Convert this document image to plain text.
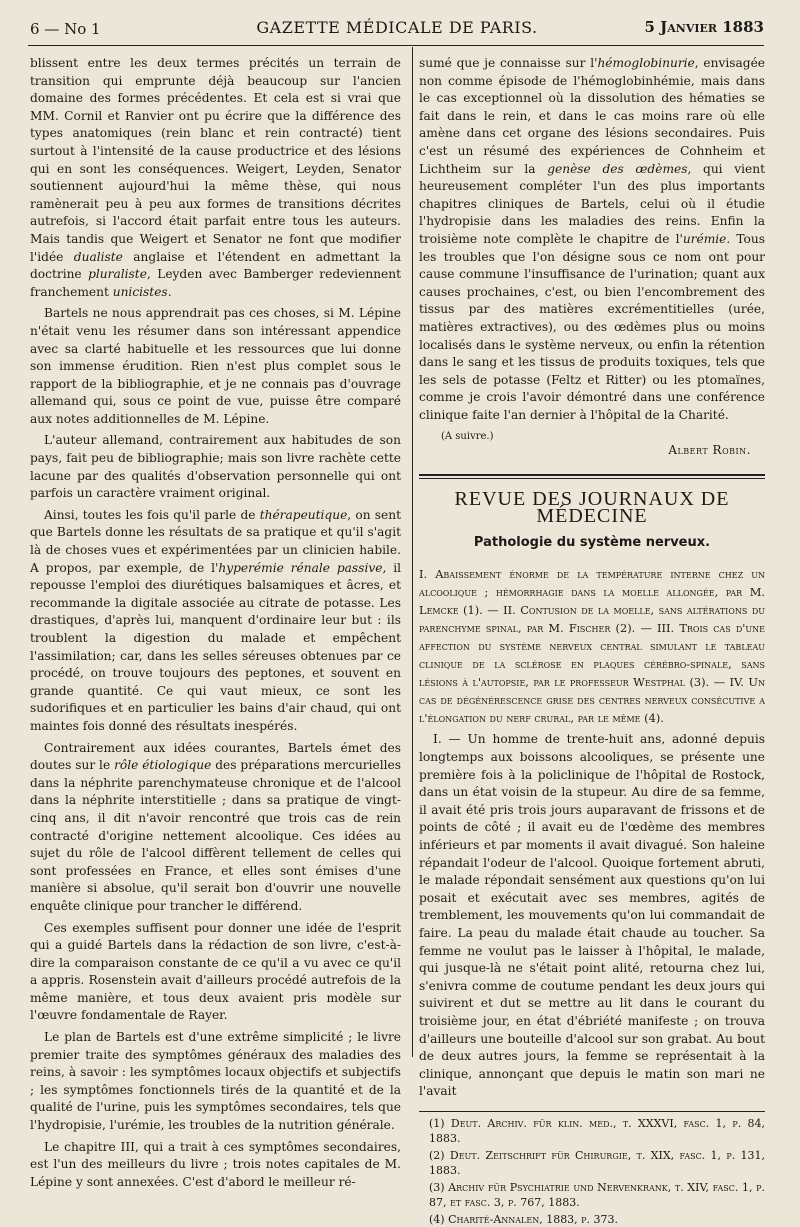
6 — No 1	GAZETTE MÉDICALE DE PARIS.	5 Janvier 1883

blissent entre les deux termes précités un terrain de transition qui emprunte déjà beaucoup sur l'ancien domaine des formes précédentes. Et cela est si vrai que MM. Cornil et Ranvier ont pu écrire que la différence des types anatomiques (rein blanc et rein contracté) tient surtout à l'intensité de la cause productrice et des lésions qui en sont les conséquences. Weigert, Leyden, Senator soutiennent aujourd'hui la même thèse, qui nous ramènerait peu à peu aux formes de transitions décrites autrefois, si l'accord était parfait entre tous les auteurs. Mais tandis que Weigert et Senator ne font que modifier l'idée dualiste anglaise et l'étendent en admettant la doctrine pluraliste, Leyden avec Bamberger redeviennent franchement unicistes.

Bartels ne nous apprendrait pas ces choses, si M. Lépine n'était venu les résumer dans son intéressant appendice avec sa clarté habituelle et les ressources que lui donne son immense érudition. Rien n'est plus complet sous le rapport de la bibliographie, et je ne connais pas d'ouvrage allemand qui, sous ce point de vue, puisse être comparé aux notes additionnelles de M. Lépine.

L'auteur allemand, contrairement aux habitudes de son pays, fait peu de bibliographie; mais son livre rachète cette lacune par des qualités d'observation personnelle qui ont parfois un caractère vraiment original.

Ainsi, toutes les fois qu'il parle de thérapeutique, on sent que Bartels donne les résultats de sa pratique et qu'il s'agit là de choses vues et expérimentées par un clinicien habile. A propos, par exemple, de l'hyperémie rénale passive, il repousse l'emploi des diurétiques balsamiques et âcres, et recommande la digitale associée au citrate de potasse. Les drastiques, d'après lui, manquent d'ordinaire leur but : ils troublent la digestion du malade et empêchent l'assimilation; car, dans les selles séreuses obtenues par ce procédé, on trouve toujours des peptones, et souvent en grande quantité. Ce qui vaut mieux, ce sont les sudorifiques et en particulier les bains d'air chaud, qui ont maintes fois donné des résultats inespérés.

Contrairement aux idées courantes, Bartels émet des doutes sur le rôle étiologique des préparations mercurielles dans la néphrite parenchymateuse chronique et de l'alcool dans la néphrite interstitielle ; dans sa pratique de vingt-cinq ans, il dit n'avoir rencontré que trois cas de rein contracté d'origine nettement alcoolique. Ces idées au sujet du rôle de l'alcool diffèrent tellement de celles qui sont professées en France, et elles sont émises d'une manière si absolue, qu'il serait bon d'ouvrir une nouvelle enquête clinique pour trancher le différend.

Ces exemples suffisent pour donner une idée de l'esprit qui a guidé Bartels dans la rédaction de son livre, c'est-à-dire la comparaison constante de ce qu'il a vu avec ce qu'il a appris. Rosenstein avait d'ailleurs procédé autrefois de la même manière, et tous deux avaient pris modèle sur l'œuvre fondamentale de Rayer.

Le plan de Bartels est d'une extrême simplicité ; le livre premier traite des symptômes généraux des maladies des reins, à savoir : les symptômes locaux objectifs et subjectifs ; les symptômes fonctionnels tirés de la quantité et de la qualité de l'urine, puis les symptômes secondaires, tels que l'hydropisie, l'urémie, les troubles de la nutrition générale.

Le chapitre III, qui a trait à ces symptômes secondaires, est l'un des meilleurs du livre ; trois notes capitales de M. Lépine y sont annexées. C'est d'abord le meilleur ré-

sumé que je connaisse sur l'hémoglobinurie, envisagée non comme épisode de l'hémoglobinhémie, mais dans le cas exceptionnel où la dissolution des hématies se fait dans le rein, et dans le cas moins rare où elle amène dans cet organe des lésions secondaires. Puis c'est un résumé des expériences de Cohnheim et Lichtheim sur la genèse des œdèmes, qui vient heureusement compléter l'un des plus importants chapitres cliniques de Bartels, celui où il étudie l'hydropisie dans les maladies des reins. Enfin la troisième note complète le chapitre de l'urémie. Tous les troubles que l'on désigne sous ce nom ont pour cause commune l'insuffisance de l'urination; quant aux causes prochaines, c'est, ou bien l'encombrement des tissus par des matières excrémentitielles (urée, matières extractives), ou des œdèmes plus ou moins localisés dans le système nerveux, ou enfin la rétention dans le sang et les tissus de produits toxiques, tels que les sels de potasse (Feltz et Ritter) ou les ptomaïnes, comme je crois l'avoir démontré dans une conférence clinique faite l'an dernier à l'hôpital de la Charité.

(A suivre.)
Albert Robin.
REVUE DES JOURNAUX DE MÉDECINE
Pathologie du système nerveux.

I. Abaissement énorme de la température interne chez un alcoolique ; hémorrhagie dans la moelle allongée, par M. Lemcke (1). — II. Contusion de la moelle, sans altérations du parenchyme spinal, par M. Fischer (2). — III. Trois cas d'une affection du système nerveux central simulant le tableau clinique de la sclérose en plaques cérébro-spinale, sans lésions à l'autopsie, par le professeur Westphal (3). — IV. Un cas de dégénérescence grise des centres nerveux consécutive a l'élongation du nerf crural, par le même (4).

I. — Un homme de trente-huit ans, adonné depuis longtemps aux boissons alcooliques, se présente une première fois à la policlinique de l'hôpital de Rostock, dans un état voisin de la stupeur. Au dire de sa femme, il avait été pris trois jours auparavant de frissons et de points de côté ; il avait eu de l'œdème des membres inférieurs et par moments il avait divagué. Son haleine répandait l'odeur de l'alcool. Quoique fortement abruti, le malade répondait sensément aux questions qu'on lui posait et exécutait avec ses membres, agités de tremblement, les mouvements qu'on lui commandait de faire. La peau du malade était chaude au toucher. Sa femme ne voulut pas le laisser à l'hôpital, le malade, qui jusque-là ne s'était point alité, retourna chez lui, s'enivra comme de coutume pendant les deux jours qui suivirent et dut se mettre au lit dans le courant du troisième jour, en état d'ébriété manifeste ; on trouva d'ailleurs une bouteille d'alcool sur son grabat. Au bout de deux autres jours, la femme se représentait à la clinique, annonçant que depuis le matin son mari ne l'avait

(1) Deut. Archiv. für klin. med., t. XXXVI, fasc. 1, p. 84, 1883.
(2) Deut. Zeitschrift für Chirurgie, t. XIX, fasc. 1, p. 131, 1883.
(3) Archiv für Psychiatrie und Nervenkrank, t. XIV, fasc. 1, p. 87, et fasc. 3, p. 767, 1883.
(4) Charité-Annalen, 1883, p. 373.
